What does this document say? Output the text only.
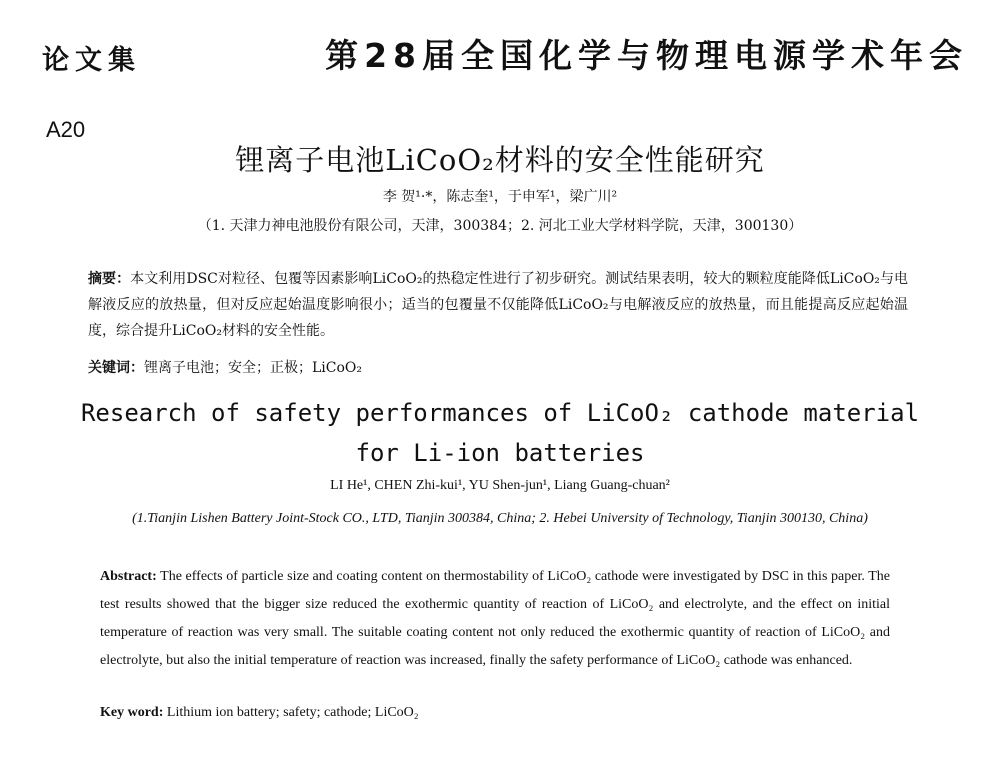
论文集	第28届全国化学与物理电源学术年会
A20
锂离子电池LiCoO₂材料的安全性能研究
李 贺¹·*，陈志奎¹，于申军¹，梁广川²
（1. 天津力神电池股份有限公司，天津，300384；2. 河北工业大学材料学院，天津，300130）
摘要：本文利用DSC对粒径、包覆等因素影响LiCoO₂的热稳定性进行了初步研究。测试结果表明，较大的颗粒度能降低LiCoO₂与电解液反应的放热量，但对反应起始温度影响很小；适当的包覆量不仅能降低LiCoO₂与电解液反应的放热量，而且能提高反应起始温度，综合提升LiCoO₂材料的安全性能。
关键词：锂离子电池；安全；正极；LiCoO₂
Research of safety performances of LiCoO₂ cathode material
for Li-ion batteries
LI He¹, CHEN Zhi-kui¹, YU Shen-jun¹, Liang Guang-chuan²
(1.Tianjin Lishen Battery Joint-Stock CO., LTD, Tianjin 300384, China; 2. Hebei University of Technology, Tianjin 300130, China)
Abstract: The effects of particle size and coating content on thermostability of LiCoO₂ cathode were investigated by DSC in this paper. The test results showed that the bigger size reduced the exothermic quantity of reaction of LiCoO₂ and electrolyte, and the effect on initial temperature of reaction was very small. The suitable coating content not only reduced the exothermic quantity of reaction of LiCoO₂ and electrolyte, but also the initial temperature of reaction was increased, finally the safety performance of LiCoO₂ cathode was enhanced.
Key word: Lithium ion battery; safety; cathode; LiCoO₂
